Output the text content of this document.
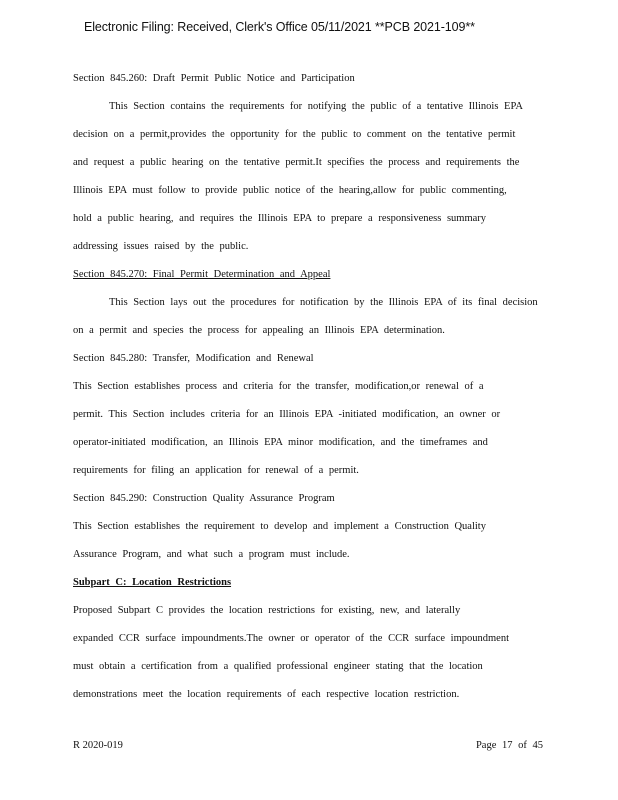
Electronic Filing: Received, Clerk's Office 05/11/2021 **PCB 2021-109**
Section 845.260: Draft Permit Public Notice and Participation
This Section contains the requirements for notifying the public of a tentative Illinois EPA
decision on a permit,provides the opportunity for the public to comment on the tentative permit
and request a public hearing on the tentative permit.It specifies the process and requirements the
Illinois EPA must follow to provide public notice of the hearing,allow for public commenting,
hold a public hearing, and requires the Illinois EPA to prepare a responsiveness summary
addressing issues raised by the public.
Section 845.270: Final Permit Determination and Appeal
This Section lays out the procedures for notification by the Illinois EPA of its final decision
on a permit and species the process for appealing an Illinois EPA determination.
Section 845.280: Transfer, Modification and Renewal
This Section establishes process and criteria for the transfer, modification,or renewal of a
permit. This Section includes criteria for an Illinois EPA -initiated modification, an owner or
operator-initiated modification, an Illinois EPA minor modification, and the timeframes and
requirements for filing an application for renewal of a permit.
Section 845.290: Construction Quality Assurance Program
This Section establishes the requirement to develop and implement a Construction Quality
Assurance Program, and what such a program must include.
Subpart C: Location Restrictions
Proposed Subpart C provides the location restrictions for existing, new, and laterally
expanded CCR surface impoundments.The owner or operator of the CCR surface impoundment
must obtain a certification from a qualified professional engineer stating that the location
demonstrations meet the location requirements of each respective location restriction.
R 2020-019	Page 17 of 45
